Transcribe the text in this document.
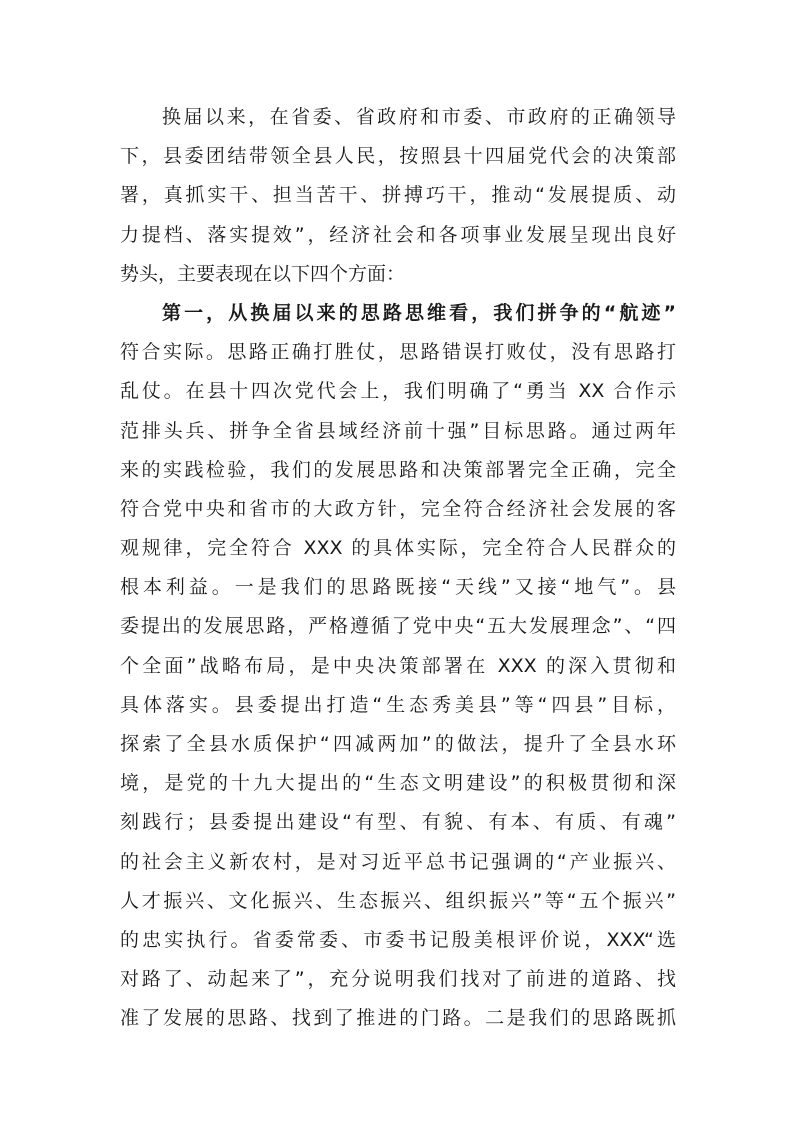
换届以来，在省委、省政府和市委、市政府的正确领导
下，县委团结带领全县人民，按照县十四届党代会的决策部
署，真抓实干、担当苦干、拼搏巧干，推动“发展提质、动
力提档、落实提效”，经济社会和各项事业发展呈现出良好
势头，主要表现在以下四个方面：
第一，从换届以来的思路思维看，我们拼争的“航迹”
符合实际。思路正确打胜仗，思路错误打败仗，没有思路打
乱仗。在县十四次党代会上，我们明确了“勇当 XX 合作示
范排头兵、拼争全省县域经济前十强”目标思路。通过两年
来的实践检验，我们的发展思路和决策部署完全正确，完全
符合党中央和省市的大政方针，完全符合经济社会发展的客
观规律，完全符合 XXX 的具体实际，完全符合人民群众的
根本利益。一是我们的思路既接“天线”又接“地气”。县
委提出的发展思路，严格遵循了党中央“五大发展理念”、“四
个全面”战略布局，是中央决策部署在 XXX 的深入贯彻和
具体落实。县委提出打造“生态秀美县”等“四县”目标，
探索了全县水质保护“四减两加”的做法，提升了全县水环
境，是党的十九大提出的“生态文明建设”的积极贯彻和深
刻践行；县委提出建设“有型、有貌、有本、有质、有魂”
的社会主义新农村，是对习近平总书记强调的“产业振兴、
人才振兴、文化振兴、生态振兴、组织振兴”等“五个振兴”
的忠实执行。省委常委、市委书记殷美根评价说，XXX“选
对路了、动起来了”，充分说明我们找对了前进的道路、找
准了发展的思路、找到了推进的门路。二是我们的思路既抓
